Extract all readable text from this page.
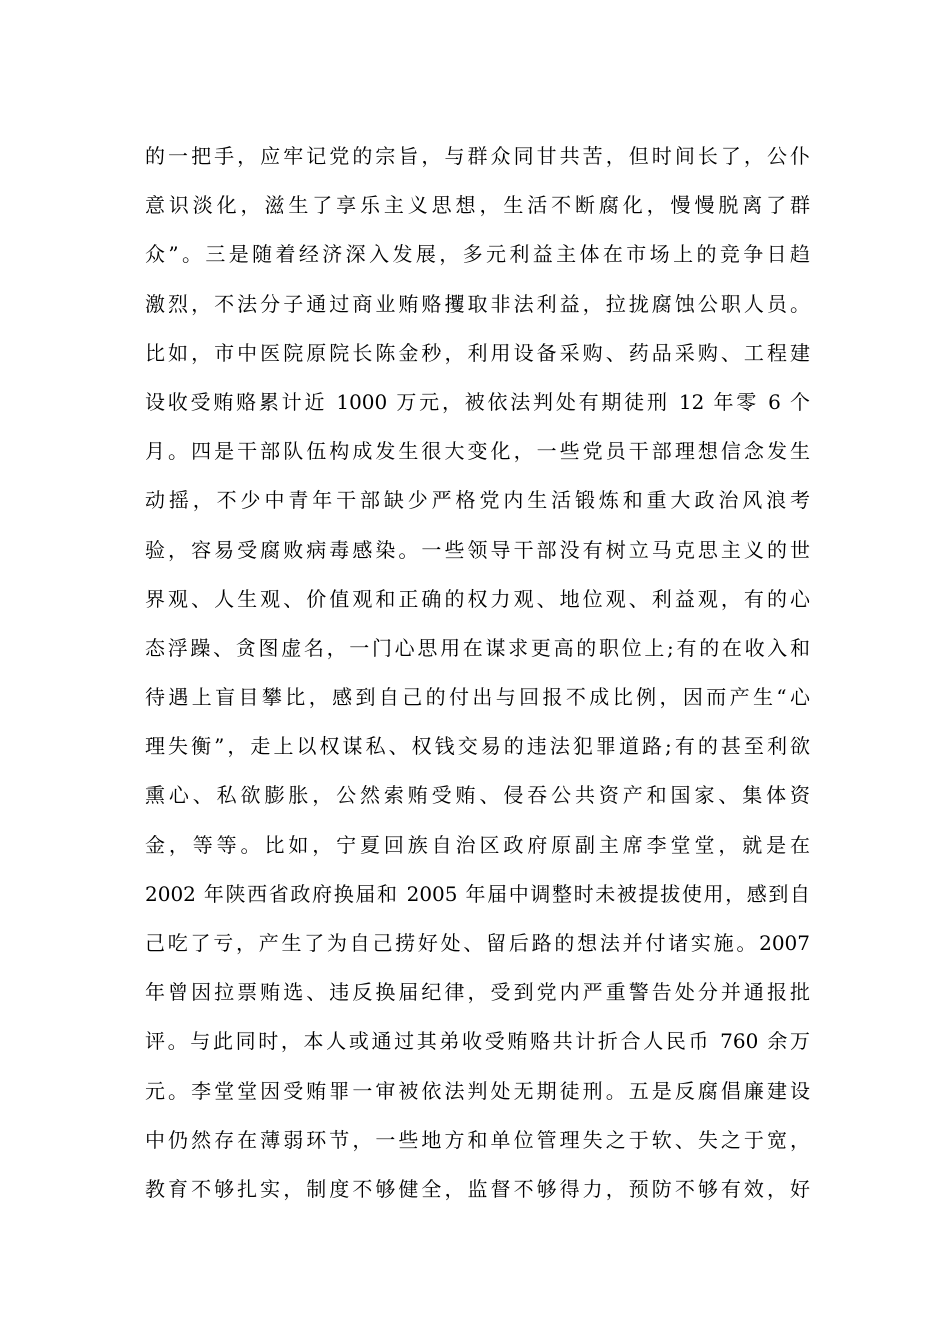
的一把手，应牢记党的宗旨，与群众同甘共苦，但时间长了，公仆
意识淡化，滋生了享乐主义思想，生活不断腐化，慢慢脱离了群
众”。三是随着经济深入发展，多元利益主体在市场上的竞争日趋
激烈，不法分子通过商业贿赂攫取非法利益，拉拢腐蚀公职人员。
比如，市中医院原院长陈金秒，利用设备采购、药品采购、工程建
设收受贿赂累计近 1000 万元，被依法判处有期徒刑 12 年零 6 个
月。四是干部队伍构成发生很大变化，一些党员干部理想信念发生
动摇，不少中青年干部缺少严格党内生活锻炼和重大政治风浪考
验，容易受腐败病毒感染。一些领导干部没有树立马克思主义的世
界观、人生观、价值观和正确的权力观、地位观、利益观，有的心
态浮躁、贪图虚名，一门心思用在谋求更高的职位上;有的在收入和
待遇上盲目攀比，感到自己的付出与回报不成比例，因而产生“心
理失衡”，走上以权谋私、权钱交易的违法犯罪道路;有的甚至利欲
熏心、私欲膨胀，公然索贿受贿、侵吞公共资产和国家、集体资
金，等等。比如，宁夏回族自治区政府原副主席李堂堂，就是在
2002 年陕西省政府换届和 2005 年届中调整时未被提拔使用，感到自
己吃了亏，产生了为自己捞好处、留后路的想法并付诸实施。2007
年曾因拉票贿选、违反换届纪律，受到党内严重警告处分并通报批
评。与此同时，本人或通过其弟收受贿赂共计折合人民币 760 余万
元。李堂堂因受贿罪一审被依法判处无期徒刑。五是反腐倡廉建设
中仍然存在薄弱环节，一些地方和单位管理失之于软、失之于宽，
教育不够扎实，制度不够健全，监督不够得力，预防不够有效，好
